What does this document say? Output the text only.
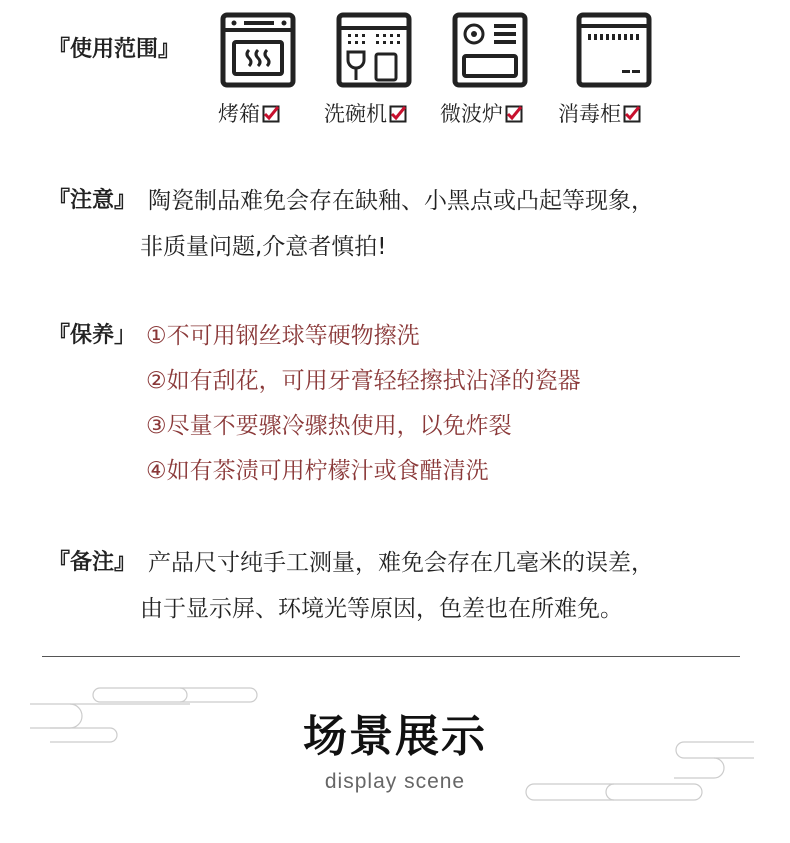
『使用范围』
烤箱	洗碗机	微波炉	消毒柜
『注意』 陶瓷制品难免会存在缺釉、小黑点或凸起等现象，
非质量问题,介意者慎拍!
『保养」 ①不可用钢丝球等硬物擦洗
②如有刮花，可用牙膏轻轻擦拭沾泽的瓷器
③尽量不要骤冷骤热使用，以免炸裂
④如有茶渍可用柠檬汁或食醋清洗
『备注』 产品尺寸纯手工测量，难免会存在几毫米的误差，
由于显示屏、环境光等原因，色差也在所难免。
场景展示
display scene
